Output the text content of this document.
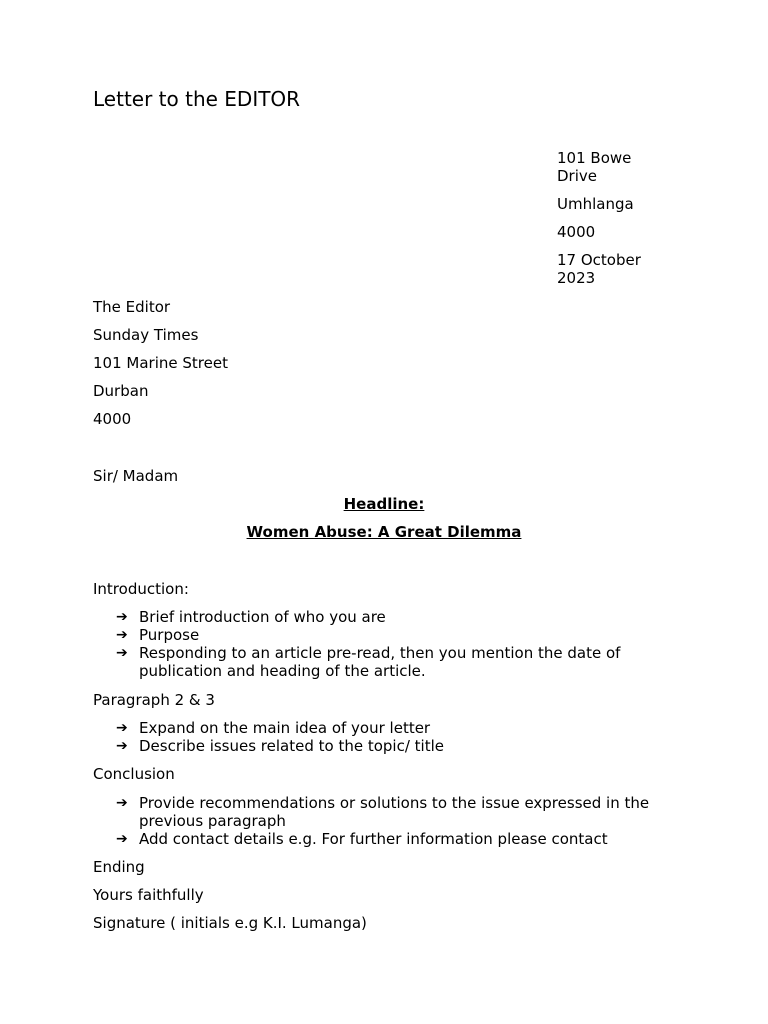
Letter to the EDITOR
101 Bowe Drive
Umhlanga
4000
17 October 2023
The Editor
Sunday Times
101 Marine Street
Durban
4000
Sir/ Madam
Headline:
Women Abuse: A Great Dilemma
Introduction:
➔ Brief introduction of who you are
➔ Purpose
➔ Responding to an article pre-read, then you mention the date of publication and heading of the article.
Paragraph 2 & 3
➔ Expand on the main idea of your letter
➔ Describe issues related to the topic/ title
Conclusion
➔ Provide recommendations or solutions to the issue expressed in the previous paragraph
➔ Add contact details e.g. For further information please contact
Ending
Yours faithfully
Signature ( initials e.g K.I. Lumanga)
